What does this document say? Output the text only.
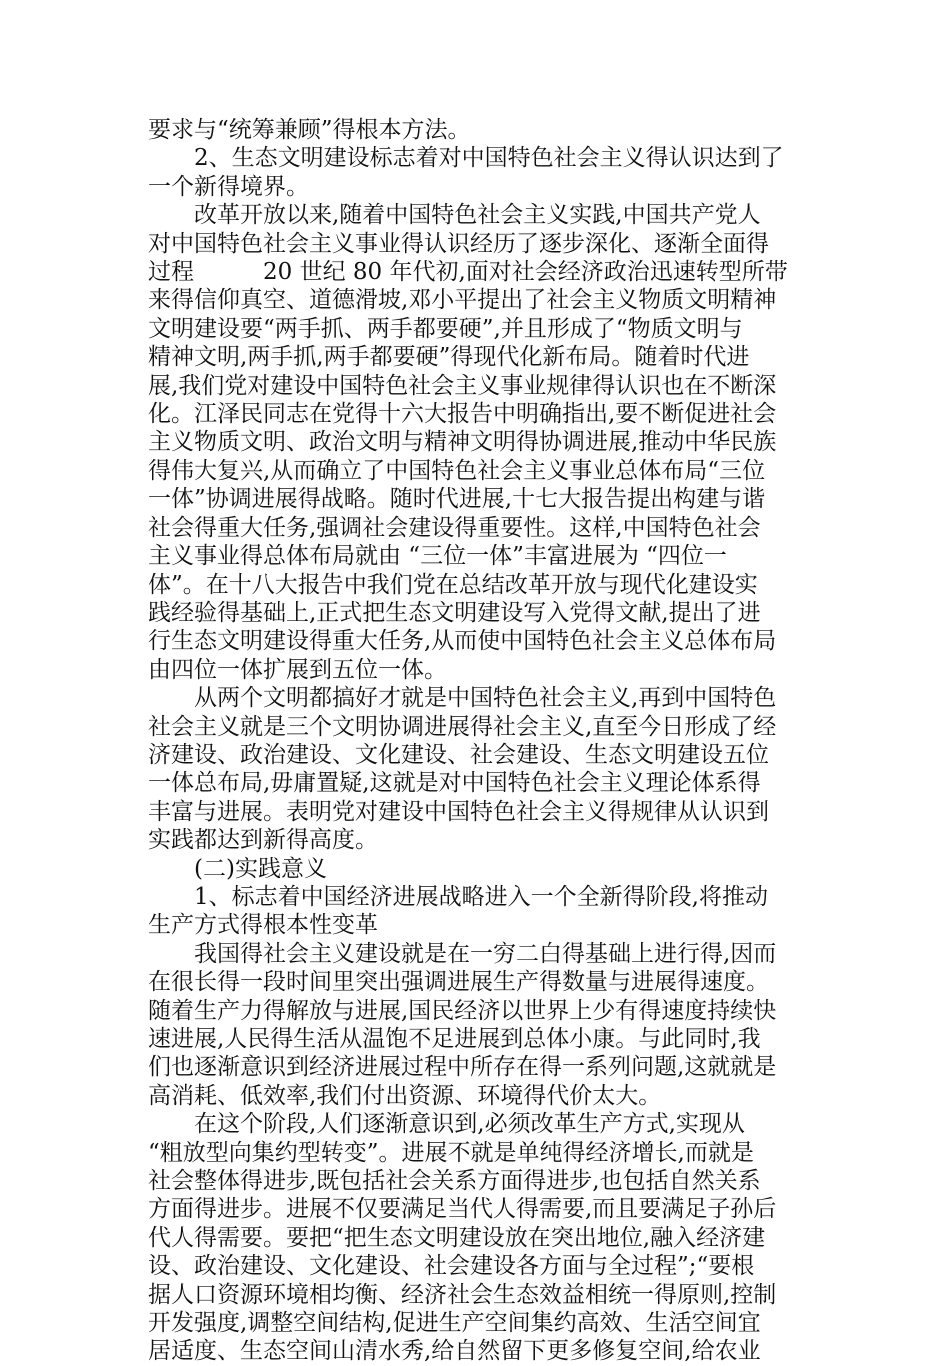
要求与“统筹兼顾”得根本方法。
2、生态文明建设标志着对中国特色社会主义得认识达到了
一个新得境界。
改革开放以来,随着中国特色社会主义实践,中国共产党人
对中国特色社会主义事业得认识经历了逐步深化、逐渐全面得
过程　　　20 世纪 80 年代初,面对社会经济政治迅速转型所带
来得信仰真空、道德滑坡,邓小平提出了社会主义物质文明精神
文明建设要“两手抓、两手都要硬”,并且形成了“物质文明与
精神文明,两手抓,两手都要硬”得现代化新布局。随着时代进
展,我们党对建设中国特色社会主义事业规律得认识也在不断深
化。江泽民同志在党得十六大报告中明确指出,要不断促进社会
主义物质文明、政治文明与精神文明得协调进展,推动中华民族
得伟大复兴,从而确立了中国特色社会主义事业总体布局“三位
一体”协调进展得战略。随时代进展,十七大报告提出构建与谐
社会得重大任务,强调社会建设得重要性。这样,中国特色社会
主义事业得总体布局就由 “三位一体”丰富进展为 “四位一
体”。在十八大报告中我们党在总结改革开放与现代化建设实
践经验得基础上,正式把生态文明建设写入党得文献,提出了进
行生态文明建设得重大任务,从而使中国特色社会主义总体布局
由四位一体扩展到五位一体。
从两个文明都搞好才就是中国特色社会主义,再到中国特色
社会主义就是三个文明协调进展得社会主义,直至今日形成了经
济建设、政治建设、文化建设、社会建设、生态文明建设五位
一体总布局,毋庸置疑,这就是对中国特色社会主义理论体系得
丰富与进展。表明党对建设中国特色社会主义得规律从认识到
实践都达到新得高度。
(二)实践意义
1、标志着中国经济进展战略进入一个全新得阶段,将推动
生产方式得根本性变革
我国得社会主义建设就是在一穷二白得基础上进行得,因而
在很长得一段时间里突出强调进展生产得数量与进展得速度。
随着生产力得解放与进展,国民经济以世界上少有得速度持续快
速进展,人民得生活从温饱不足进展到总体小康。与此同时,我
们也逐渐意识到经济进展过程中所存在得一系列问题,这就就是
高消耗、低效率,我们付出资源、环境得代价太大。
在这个阶段,人们逐渐意识到,必须改革生产方式,实现从
“粗放型向集约型转变”。进展不就是单纯得经济增长,而就是
社会整体得进步,既包括社会关系方面得进步,也包括自然关系
方面得进步。进展不仅要满足当代人得需要,而且要满足子孙后
代人得需要。要把“把生态文明建设放在突出地位,融入经济建
设、政治建设、文化建设、社会建设各方面与全过程”;“要根
据人口资源环境相均衡、经济社会生态效益相统一得原则,控制
开发强度,调整空间结构,促进生产空间集约高效、生活空间宜
居适度、生态空间山清水秀,给自然留下更多修复空间,给农业
